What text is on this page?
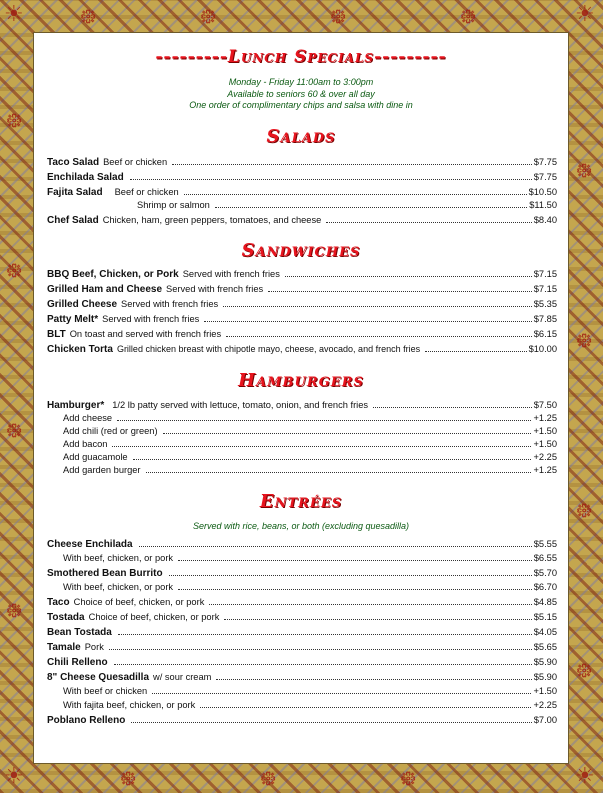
☀	☀
☀	☀
᪥	᪥	᪥	᪥
᪥	᪥	᪥
᪥
᪥
᪥
᪥
᪥
᪥
᪥
᪥
---------Lunch Specials---------
Monday - Friday 11:00am to 3:00pm
Available to seniors 60 & over all day
One order of complimentary chips and salsa with dine in
Salads
Taco Salad Beef or chicken	$7.75
Enchilada Salad	$7.75
Fajita Salad Beef or chicken	$10.50
Shrimp or salmon	$11.50
Chef Salad Chicken, ham, green peppers, tomatoes, and cheese	$8.40
Sandwiches
BBQ Beef, Chicken, or Pork Served with french fries	$7.15
Grilled Ham and Cheese Served with french fries	$7.15
Grilled Cheese Served with french fries	$5.35
Patty Melt* Served with french fries	$7.85
BLT On toast and served with french fries	$6.15
Chicken Torta Grilled chicken breast with chipotle mayo, cheese, avocado, and french fries	$10.00
Hamburgers
Hamburger* 1/2 lb patty served with lettuce, tomato, onion, and french fries	$7.50
Add cheese	+1.25
Add chili (red or green)	+1.50
Add bacon	+1.50
Add guacamole	+2.25
Add garden burger	+1.25
Entrées
Served with rice, beans, or both (excluding quesadilla)
Cheese Enchilada	$5.55
With beef, chicken, or pork	$6.55
Smothered Bean Burrito	$5.70
With beef, chicken, or pork	$6.70
Taco Choice of beef, chicken, or pork	$4.85
Tostada Choice of beef, chicken, or pork	$5.15
Bean Tostada	$4.05
Tamale Pork	$5.65
Chili Relleno	$5.90
8" Cheese Quesadilla w/ sour cream	$5.90
With beef or chicken	+1.50
With fajita beef, chicken, or pork	+2.25
Poblano Relleno	$7.00
